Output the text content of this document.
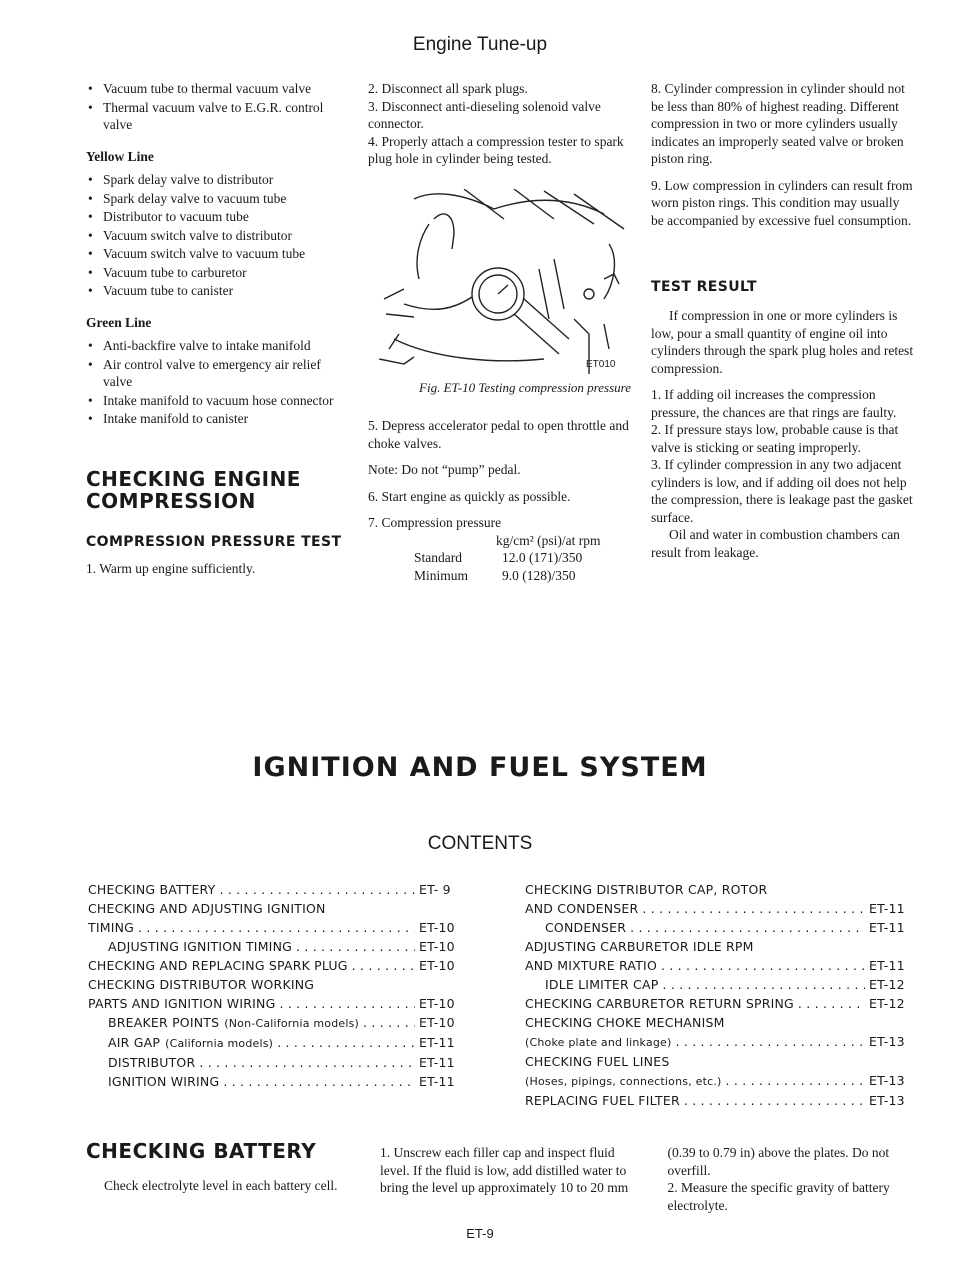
Engine Tune-up
• Vacuum tube to thermal vacuum valve
• Thermal vacuum valve to E.G.R. control valve
Yellow Line
• Spark delay valve to distributor
• Spark delay valve to vacuum tube
• Distributor to vacuum tube
• Vacuum switch valve to distributor
• Vacuum switch valve to vacuum tube
• Vacuum tube to carburetor
• Vacuum tube to canister
Green Line
• Anti-backfire valve to intake manifold
• Air control valve to emergency air relief valve
• Intake manifold to vacuum hose connector
• Intake manifold to canister
CHECKING ENGINE COMPRESSION
COMPRESSION PRESSURE TEST

1. Warm up engine sufficiently.

2. Disconnect all spark plugs.

3. Disconnect anti-dieseling solenoid valve connector.

4. Properly attach a compression tester to spark plug hole in cylinder being tested.

ET010
Fig. ET-10 Testing compression pressure

5. Depress accelerator pedal to open throttle and choke valves.

Note: Do not “pump” pedal.

6. Start engine as quickly as possible.

7. Compression pressure

kg/cm² (psi)/at rpm
Standard	12.0 (171)/350
Minimum	9.0 (128)/350

8. Cylinder compression in cylinder should not be less than 80% of highest reading. Different compression in two or more cylinders usually indicates an improperly seated valve or broken piston ring.

9. Low compression in cylinders can result from worn piston rings. This condition may usually be accompanied by excessive fuel consumption.

TEST RESULT

If compression in one or more cylinders is low, pour a small quantity of engine oil into cylinders through the spark plug holes and retest compression.

1. If adding oil increases the compression pressure, the chances are that rings are faulty.

2. If pressure stays low, probable cause is that valve is sticking or seating improperly.

3. If cylinder compression in any two adjacent cylinders is low, and if adding oil does not help the compression, there is leakage past the gasket surface.

Oil and water in combustion chambers can result from leakage.

IGNITION AND FUEL SYSTEM
CONTENTS
CHECKING BATTERY . . .	ET- 9
CHECKING AND ADJUSTING IGNITION
TIMING . . .	ET-10
ADJUSTING IGNITION TIMING . . .	ET-10
CHECKING AND REPLACING SPARK PLUG . . .	ET-10
CHECKING DISTRIBUTOR WORKING
PARTS AND IGNITION WIRING . . .	ET-10
BREAKER POINTS (Non-California models) . . .	ET-10
AIR GAP (California models) . . .	ET-11
DISTRIBUTOR . . .	ET-11
IGNITION WIRING . . .	ET-11
CHECKING DISTRIBUTOR CAP, ROTOR
AND CONDENSER . . .	ET-11
CONDENSER . . .	ET-11
ADJUSTING CARBURETOR IDLE RPM
AND MIXTURE RATIO . . .	ET-11
IDLE LIMITER CAP . . .	ET-12
CHECKING CARBURETOR RETURN SPRING . . .	ET-12
CHECKING CHOKE MECHANISM
(Choke plate and linkage) . . .	ET-13
CHECKING FUEL LINES
(Hoses, pipings, connections, etc.) . . .	ET-13
REPLACING FUEL FILTER . . .	ET-13
CHECKING BATTERY

Check electrolyte level in each battery cell.

1. Unscrew each filler cap and inspect fluid level. If the fluid is low, add distilled water to bring the level up approximately 10 to 20 mm (0.39 to 0.79 in) above the plates. Do not overfill.

2. Measure the specific gravity of battery electrolyte.

ET-9
